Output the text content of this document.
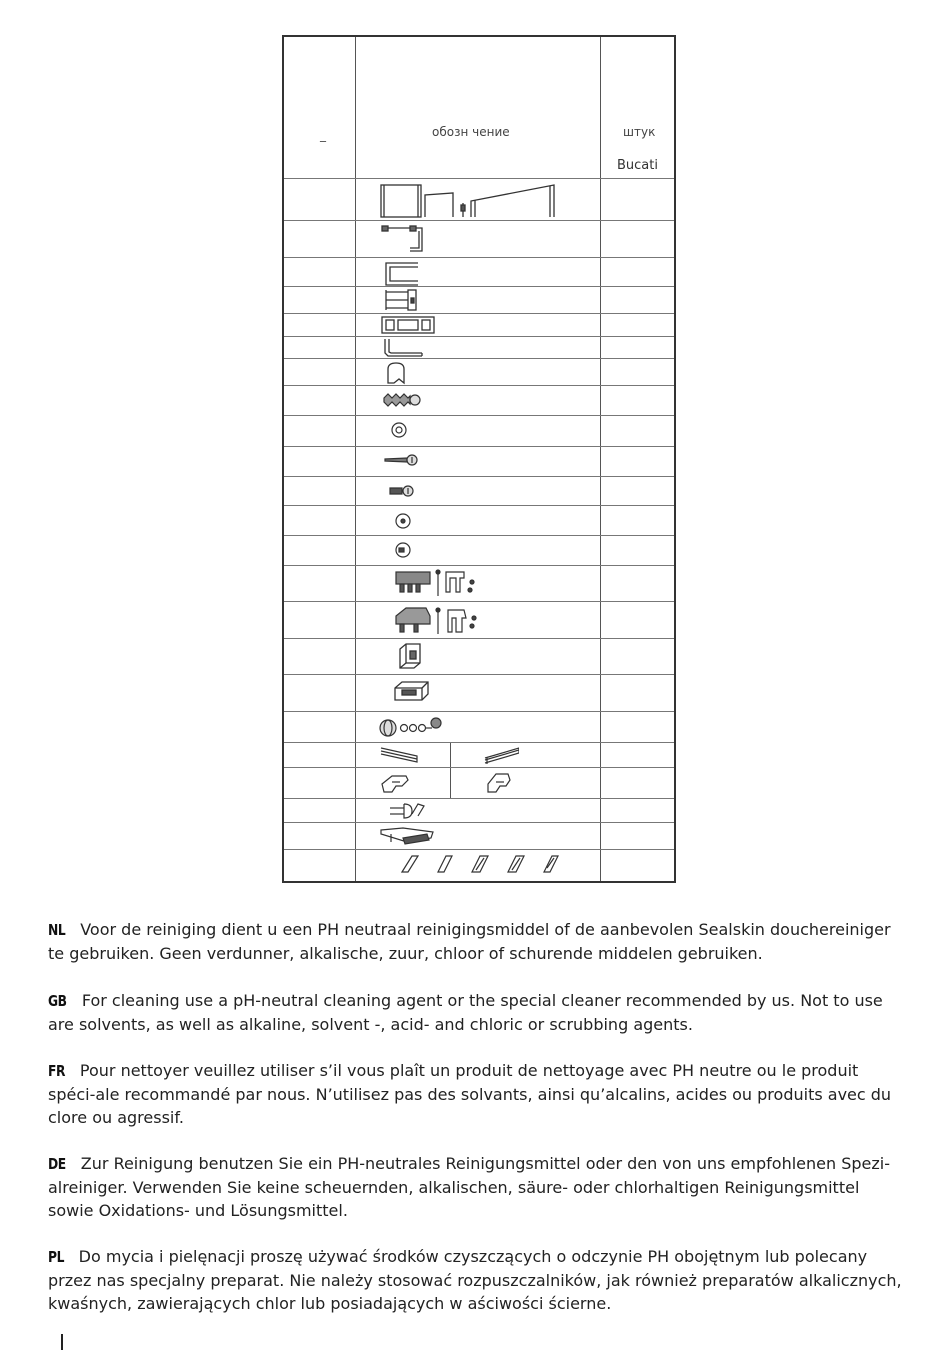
_	обозн чение	штук
Bucati
NL Voor de reiniging dient u een PH neutraal reinigingsmiddel of de aanbevolen Sealskin douchereiniger te gebruiken. Geen verdunner, alkalische, zuur, chloor of schurende middelen gebruiken.
GB For cleaning use a pH-neutral cleaning agent or the special cleaner recommended by us. Not to use are solvents, as well as alkaline, solvent -, acid- and chloric or scrubbing agents.
FR Pour nettoyer veuillez utiliser s’il vous plaît un produit de nettoyage avec PH neutre ou le produit spéci-ale recommandé par nous. N’utilisez pas des solvants, ainsi qu’alcalins, acides ou produits avec du clore ou agressif.
DE Zur Reinigung benutzen Sie ein PH-neutrales Reinigungsmittel oder den von uns empfohlenen Spezi-alreiniger. Verwenden Sie keine scheuernden, alkalischen, säure- oder chlorhaltigen Reinigungsmittel sowie Oxidations- und Lösungsmittel.
PL Do mycia i pielęnacji proszę używać środków czyszczących o odczynie PH obojętnym lub polecany przez nas specjalny preparat. Nie należy stosować rozpuszczalników, jak również preparatów alkalicznych, kwaśnych, zawierających chlor lub posiadających w aściwości ścierne.
